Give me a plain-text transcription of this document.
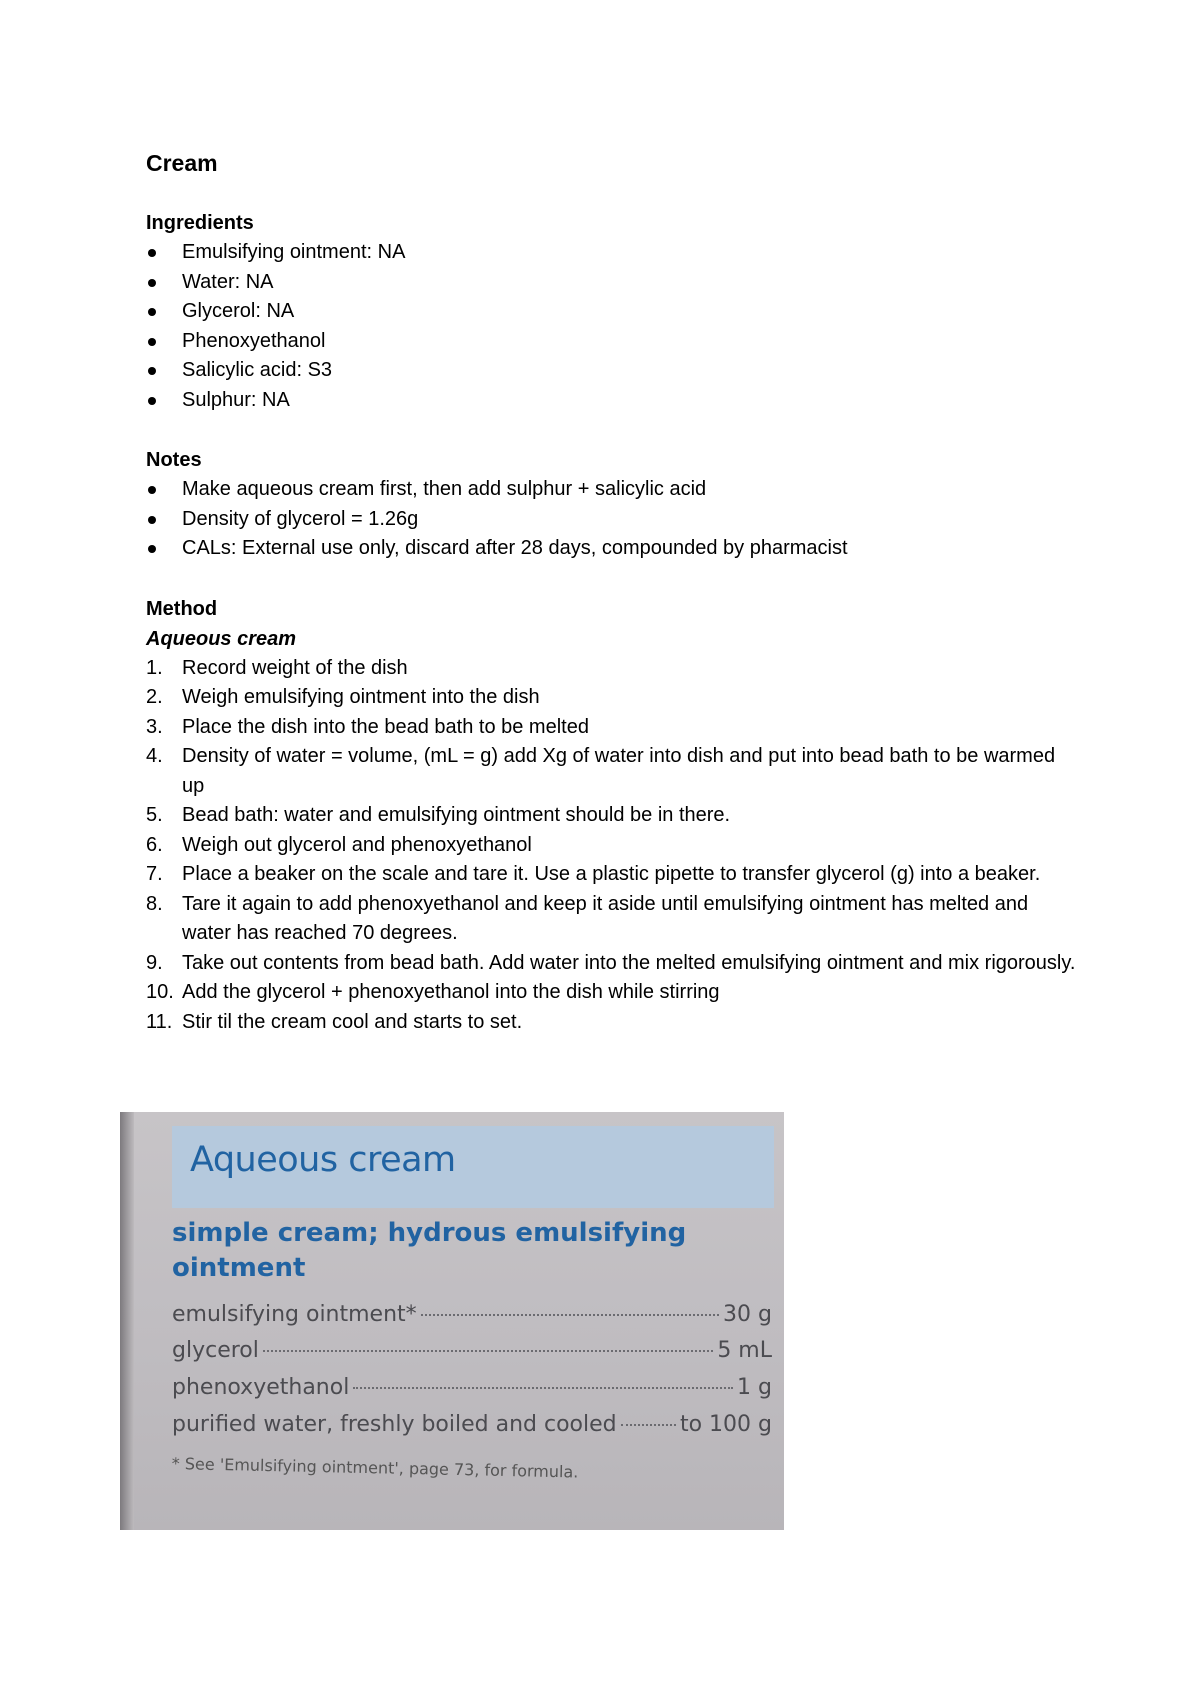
Cream
Ingredients
Emulsifying ointment: NA
Water: NA
Glycerol: NA
Phenoxyethanol
Salicylic acid: S3
Sulphur: NA
Notes
Make aqueous cream first, then add sulphur + salicylic acid
Density of glycerol = 1.26g
CALs: External use only, discard after 28 days, compounded by pharmacist
Method
Aqueous cream
1. Record weight of the dish
2. Weigh emulsifying ointment into the dish
3. Place the dish into the bead bath to be melted
4. Density of water = volume, (mL = g) add Xg of water into dish and put into bead bath to be warmed up
5. Bead bath: water and emulsifying ointment should be in there.
6. Weigh out glycerol and phenoxyethanol
7. Place a beaker on the scale and tare it. Use a plastic pipette to transfer glycerol (g) into a beaker.
8. Tare it again to add phenoxyethanol and keep it aside until emulsifying ointment has melted and water has reached 70 degrees.
9. Take out contents from bead bath. Add water into the melted emulsifying ointment and mix rigorously.
10. Add the glycerol + phenoxyethanol into the dish while stirring
11. Stir til the cream cool and starts to set.
Aqueous cream
simple cream; hydrous emulsifying ointment
emulsifying ointment*	30 g
glycerol	5 mL
phenoxyethanol	1 g
purified water, freshly boiled and cooled	to 100 g
* See 'Emulsifying ointment', page 73, for formula.
